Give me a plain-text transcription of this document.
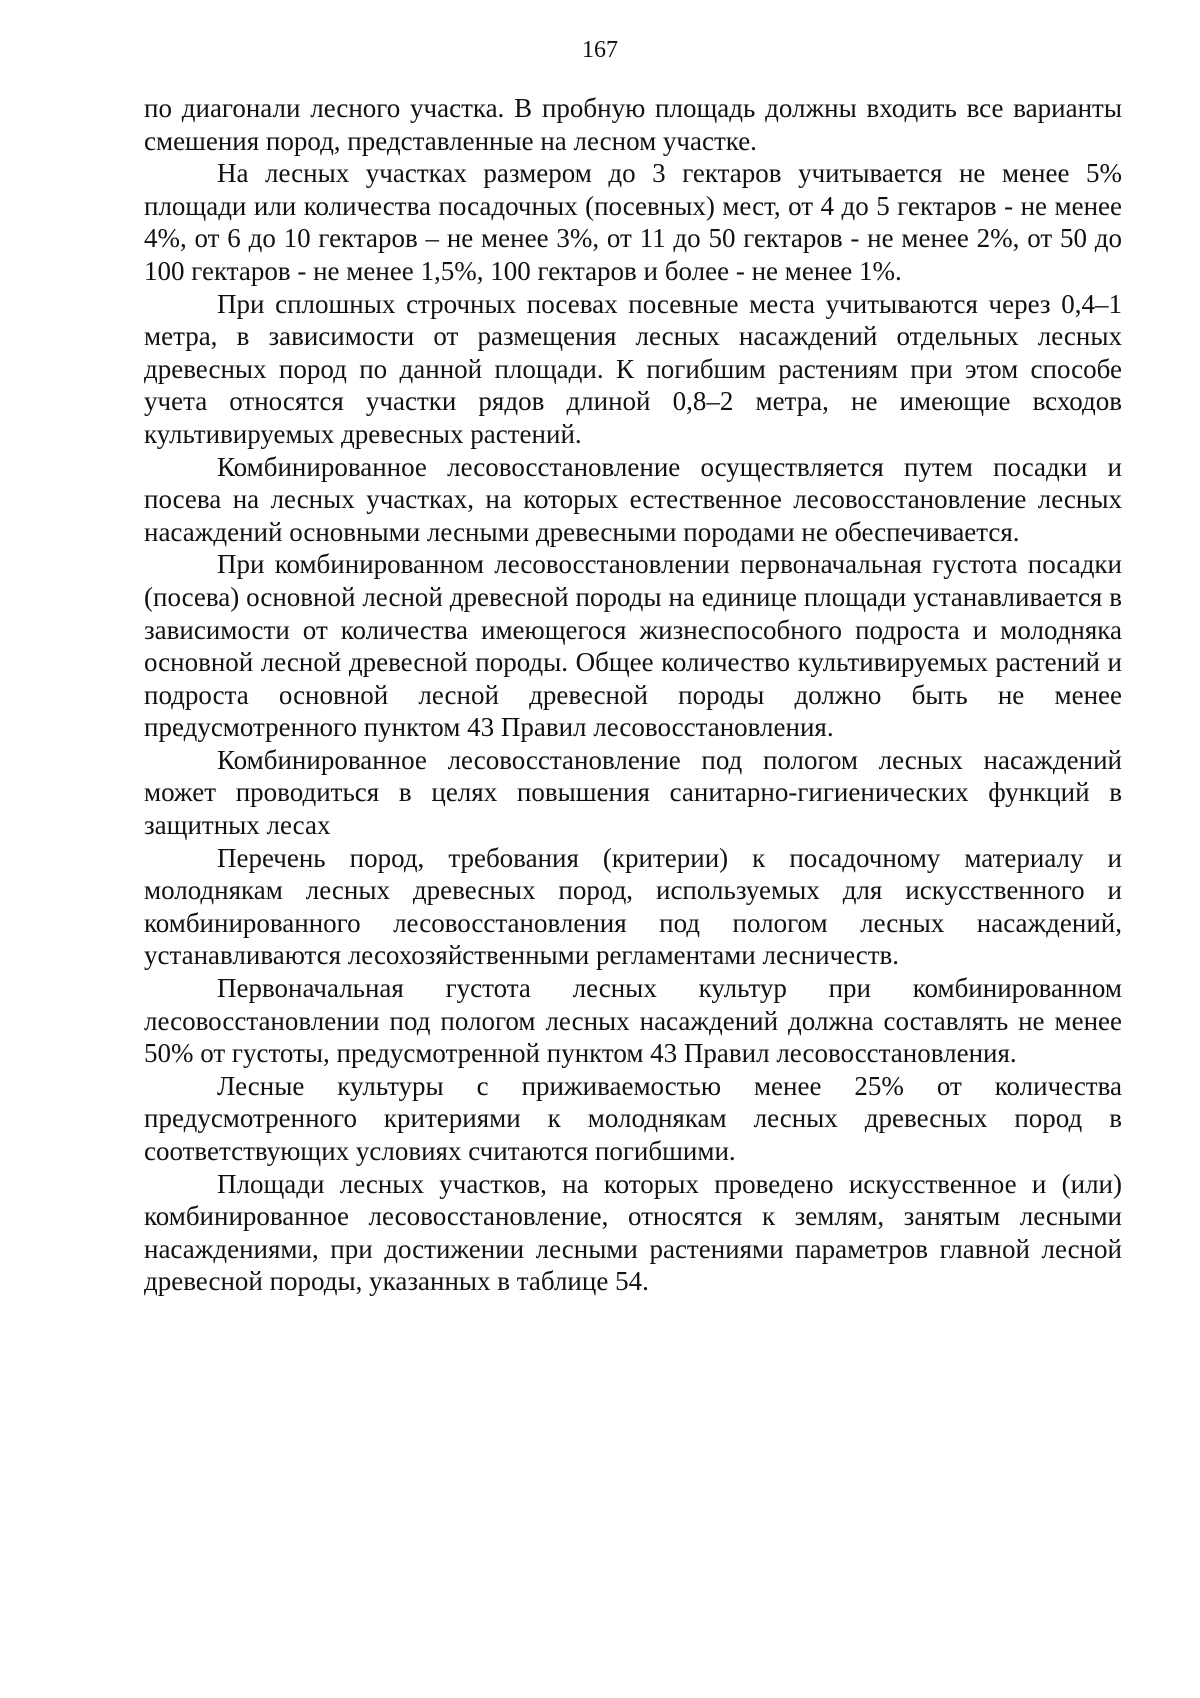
167

по диагонали лесного участка. В пробную площадь должны входить все варианты смешения пород, представленные на лесном участке.

На лесных участках размером до 3 гектаров учитывается не менее 5% площади или количества посадочных (посевных) мест, от 4 до 5 гектаров - не менее 4%, от 6 до 10 гектаров – не менее 3%, от 11 до 50 гектаров - не менее 2%, от 50 до 100 гектаров - не менее 1,5%, 100 гектаров и более - не менее 1%.

При сплошных строчных посевах посевные места учитываются через 0,4–1 метра, в зависимости от размещения лесных насаждений отдельных лесных древесных пород по данной площади. К погибшим растениям при этом способе учета относятся участки рядов длиной 0,8–2 метра, не имеющие всходов культивируемых древесных растений.

Комбинированное лесовосстановление осуществляется путем посадки и посева на лесных участках, на которых естественное лесовосстановление лесных насаждений основными лесными древесными породами не обеспечивается.

При комбинированном лесовосстановлении первоначальная густота посадки (посева) основной лесной древесной породы на единице площади устанавливается в зависимости от количества имеющегося жизнеспособного подроста и молодняка основной лесной древесной породы. Общее количество культивируемых растений и подроста основной лесной древесной породы должно быть не менее предусмотренного пунктом 43 Правил лесовосстановления.

Комбинированное лесовосстановление под пологом лесных насаждений может проводиться в целях повышения санитарно-гигиенических функций в защитных лесах

Перечень пород, требования (критерии) к посадочному материалу и молоднякам лесных древесных пород, используемых для искусственного и комбинированного лесовосстановления под пологом лесных насаждений, устанавливаются лесохозяйственными регламентами лесничеств.

Первоначальная густота лесных культур при комбинированном лесовосстановлении под пологом лесных насаждений должна составлять не менее 50% от густоты, предусмотренной пунктом 43 Правил лесовосстановления.

Лесные культуры с приживаемостью менее 25% от количества предусмотренного критериями к молоднякам лесных древесных пород в соответствующих условиях считаются погибшими.

Площади лесных участков, на которых проведено искусственное и (или) комбинированное лесовосстановление, относятся к землям, занятым лесными насаждениями, при достижении лесными растениями параметров главной лесной древесной породы, указанных в таблице 54.
